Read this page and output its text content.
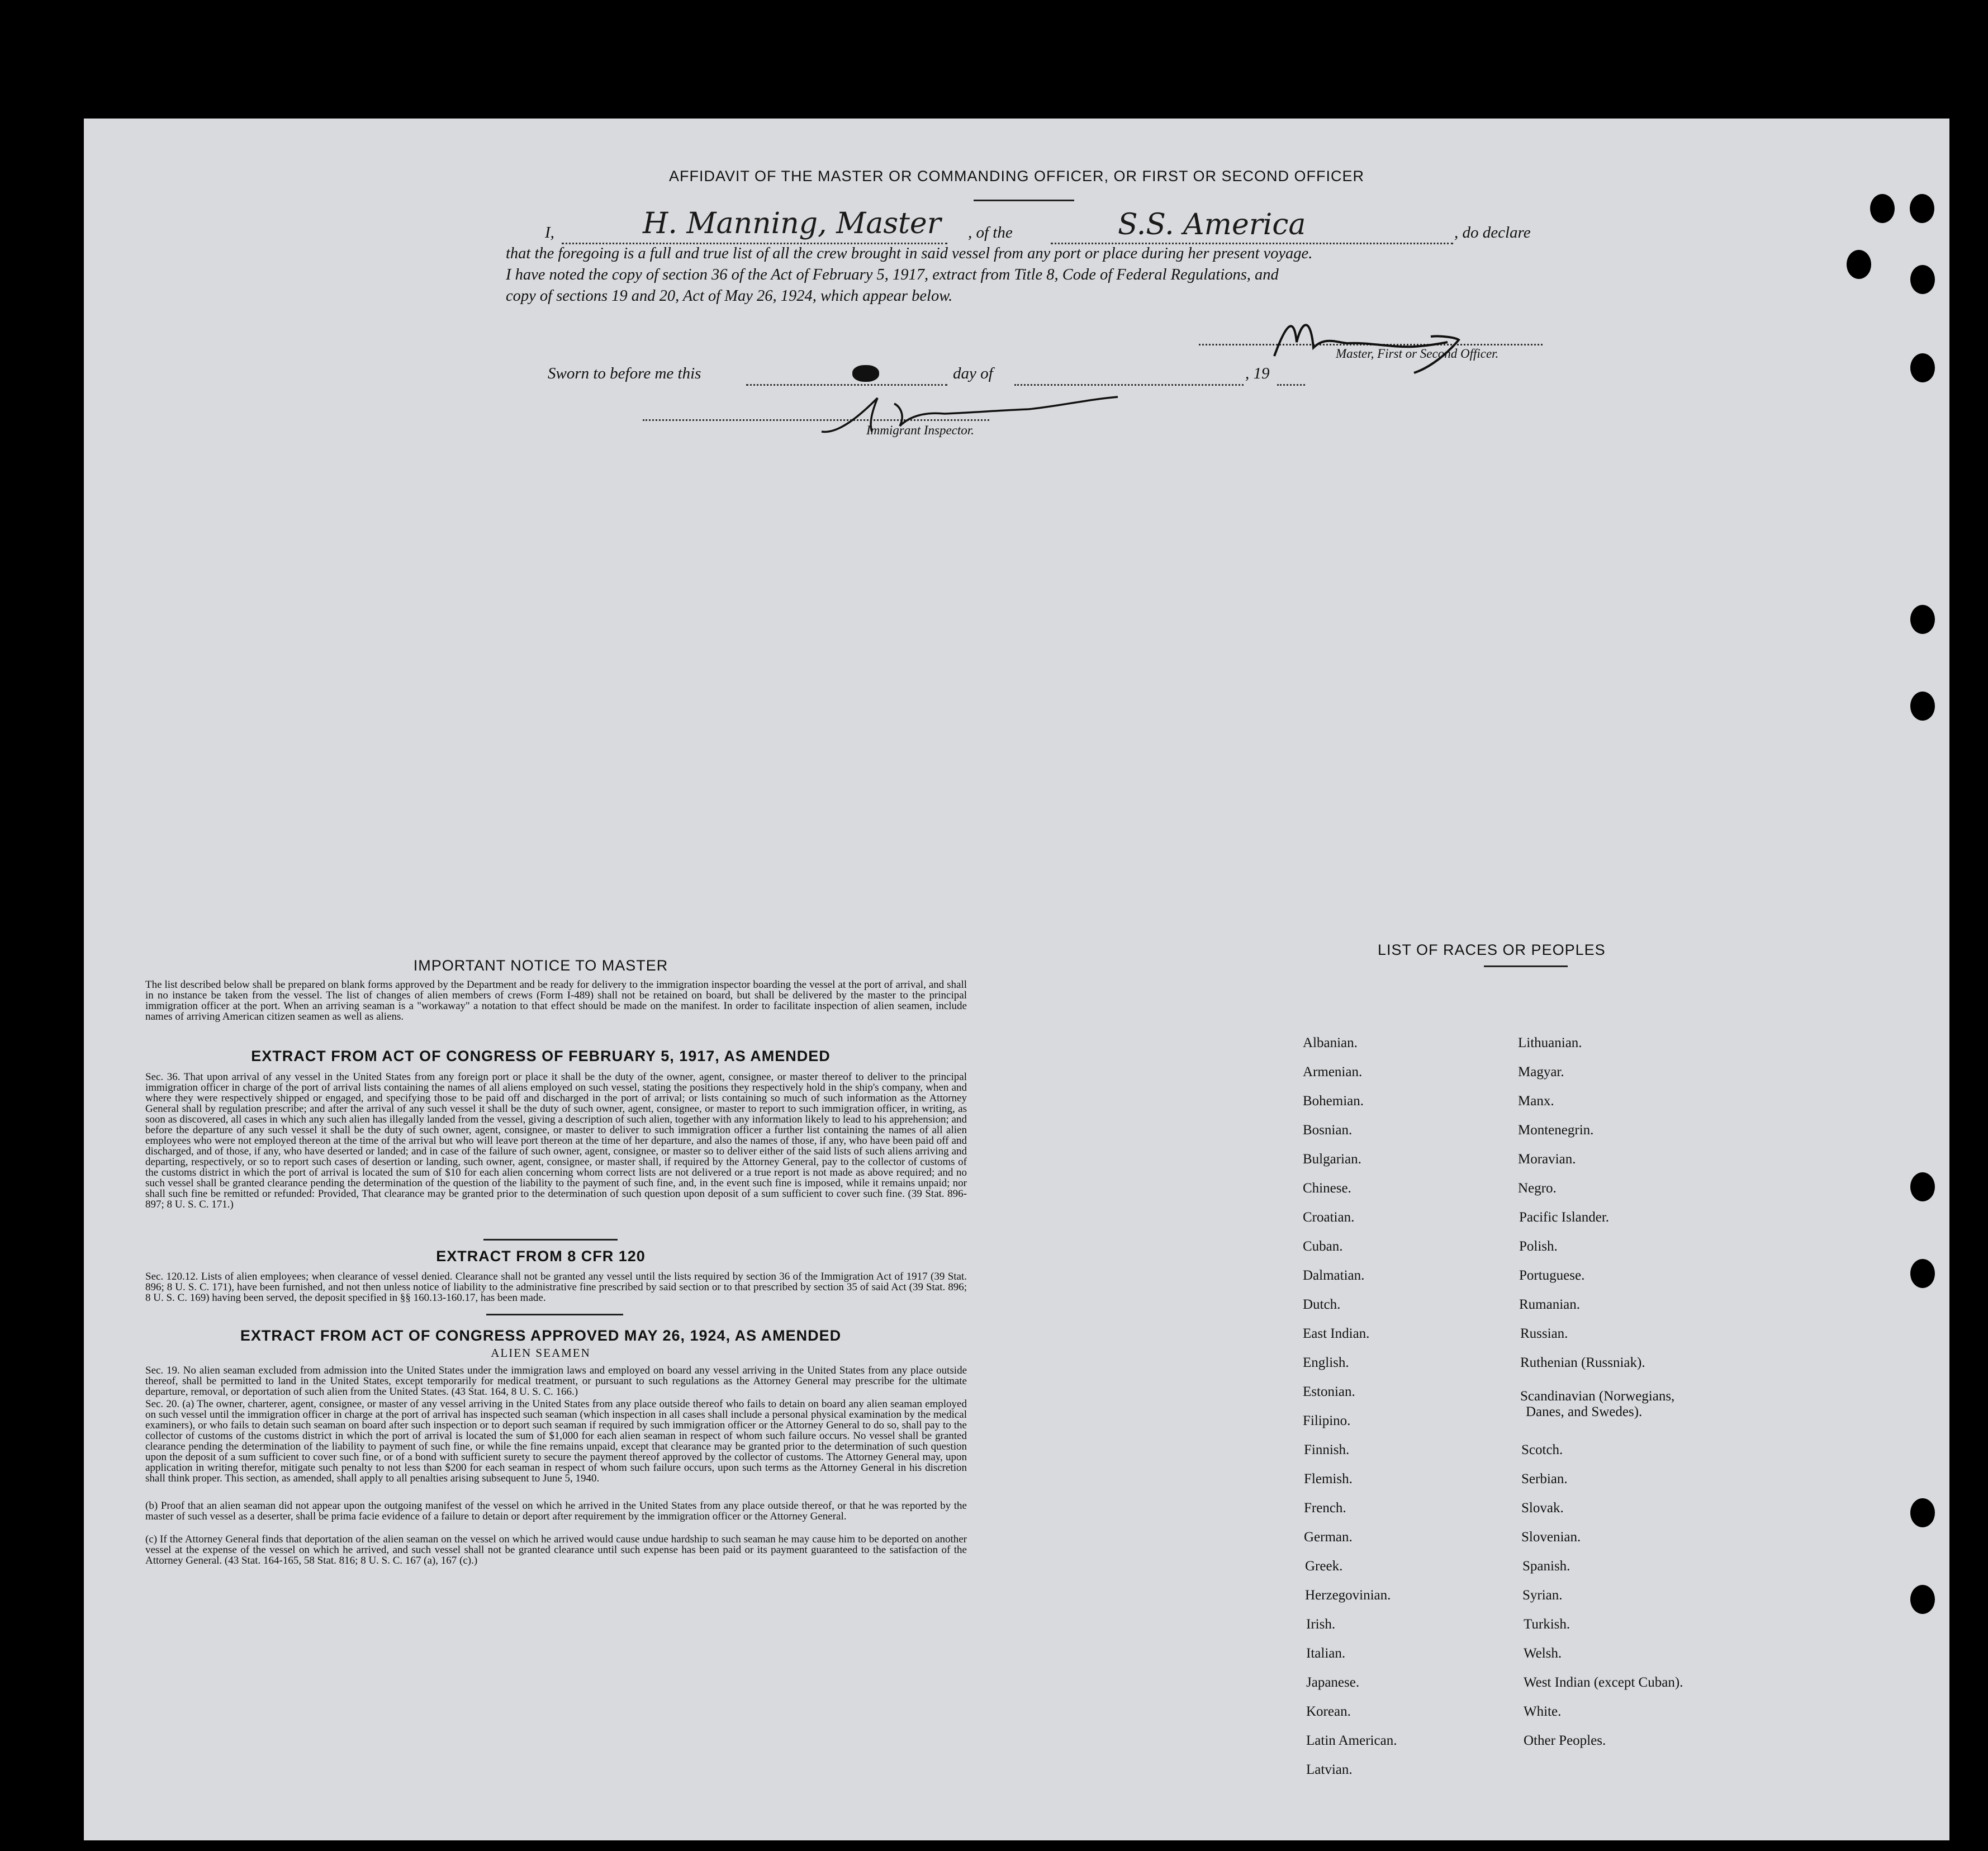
AFFIDAVIT OF THE MASTER OR COMMANDING OFFICER, OR FIRST OR SECOND OFFICER
I,	H. Manning, Master , of the	S.S. America	, do declare
that the foregoing is a full and true list of all the crew brought in said vessel from any port or place during her present voyage.
I have noted the copy of section 36 of the Act of February 5, 1917, extract from Title 8, Code of Federal Regulations, and
copy of sections 19 and 20, Act of May 26, 1924, which appear below.
Master, First or Second Officer.
Sworn to before me this	day of	, 19
Immigrant Inspector.
IMPORTANT NOTICE TO MASTER
The list described below shall be prepared on blank forms approved by the Department and be ready for delivery to the immigration inspector boarding the vessel at the port of arrival, and shall in no instance be taken from the vessel. The list of changes of alien members of crews (Form I-489) shall not be retained on board, but shall be delivered by the master to the principal immigration officer at the port. When an arriving seaman is a "workaway" a notation to that effect should be made on the manifest. In order to facilitate inspection of alien seamen, include names of arriving American citizen seamen as well as aliens.
EXTRACT FROM ACT OF CONGRESS OF FEBRUARY 5, 1917, AS AMENDED
Sec. 36. That upon arrival of any vessel in the United States from any foreign port or place it shall be the duty of the owner, agent, consignee, or master thereof to deliver to the principal immigration officer in charge of the port of arrival lists containing the names of all aliens employed on such vessel, stating the positions they respectively hold in the ship's company, when and where they were respectively shipped or engaged, and specifying those to be paid off and discharged in the port of arrival; or lists containing so much of such information as the Attorney General shall by regulation prescribe; and after the arrival of any such vessel it shall be the duty of such owner, agent, consignee, or master to report to such immigration officer, in writing, as soon as discovered, all cases in which any such alien has illegally landed from the vessel, giving a description of such alien, together with any information likely to lead to his apprehension; and before the departure of any such vessel it shall be the duty of such owner, agent, consignee, or master to deliver to such immigration officer a further list containing the names of all alien employees who were not employed thereon at the time of the arrival but who will leave port thereon at the time of her departure, and also the names of those, if any, who have been paid off and discharged, and of those, if any, who have deserted or landed; and in case of the failure of such owner, agent, consignee, or master so to deliver either of the said lists of such aliens arriving and departing, respectively, or so to report such cases of desertion or landing, such owner, agent, consignee, or master shall, if required by the Attorney General, pay to the collector of customs of the customs district in which the port of arrival is located the sum of $10 for each alien concerning whom correct lists are not delivered or a true report is not made as above required; and no such vessel shall be granted clearance pending the determination of the question of the liability to the payment of such fine, and, in the event such fine is imposed, while it remains unpaid; nor shall such fine be remitted or refunded: Provided, That clearance may be granted prior to the determination of such question upon deposit of a sum sufficient to cover such fine. (39 Stat. 896-897; 8 U. S. C. 171.)
EXTRACT FROM 8 CFR 120
Sec. 120.12. Lists of alien employees; when clearance of vessel denied. Clearance shall not be granted any vessel until the lists required by section 36 of the Immigration Act of 1917 (39 Stat. 896; 8 U. S. C. 171), have been furnished, and not then unless notice of liability to the administrative fine prescribed by said section or to that prescribed by section 35 of said Act (39 Stat. 896; 8 U. S. C. 169) having been served, the deposit specified in §§ 160.13-160.17, has been made.
EXTRACT FROM ACT OF CONGRESS APPROVED MAY 26, 1924, AS AMENDED
ALIEN SEAMEN
Sec. 19. No alien seaman excluded from admission into the United States under the immigration laws and employed on board any vessel arriving in the United States from any place outside thereof, shall be permitted to land in the United States, except temporarily for medical treatment, or pursuant to such regulations as the Attorney General may prescribe for the ultimate departure, removal, or deportation of such alien from the United States. (43 Stat. 164, 8 U. S. C. 166.)
Sec. 20. (a) The owner, charterer, agent, consignee, or master of any vessel arriving in the United States from any place outside thereof who fails to detain on board any alien seaman employed on such vessel until the immigration officer in charge at the port of arrival has inspected such seaman (which inspection in all cases shall include a personal physical examination by the medical examiners), or who fails to detain such seaman on board after such inspection or to deport such seaman if required by such immigration officer or the Attorney General to do so, shall pay to the collector of customs of the customs district in which the port of arrival is located the sum of $1,000 for each alien seaman in respect of whom such failure occurs. No vessel shall be granted clearance pending the determination of the liability to payment of such fine, or while the fine remains unpaid, except that clearance may be granted prior to the determination of such question upon the deposit of a sum sufficient to cover such fine, or of a bond with sufficient surety to secure the payment thereof approved by the collector of customs. The Attorney General may, upon application in writing therefor, mitigate such penalty to not less than $200 for each seaman in respect of whom such failure occurs, upon such terms as the Attorney General in his discretion shall think proper. This section, as amended, shall apply to all penalties arising subsequent to June 5, 1940.
(b) Proof that an alien seaman did not appear upon the outgoing manifest of the vessel on which he arrived in the United States from any place outside thereof, or that he was reported by the master of such vessel as a deserter, shall be prima facie evidence of a failure to detain or deport after requirement by the immigration officer or the Attorney General.
(c) If the Attorney General finds that deportation of the alien seaman on the vessel on which he arrived would cause undue hardship to such seaman he may cause him to be deported on another vessel at the expense of the vessel on which he arrived, and such vessel shall not be granted clearance until such expense has been paid or its payment guaranteed to the satisfaction of the Attorney General. (43 Stat. 164-165, 58 Stat. 816; 8 U. S. C. 167 (a), 167 (c).)
LIST OF RACES OR PEOPLES
Albanian.
Armenian.
Bohemian.
Bosnian.
Bulgarian.
Chinese.
Croatian.
Cuban.
Dalmatian.
Dutch.
East Indian.
English.
Estonian.
Filipino.
Finnish.
Flemish.
French.
German.
Greek.
Herzegovinian.
Irish.
Italian.
Japanese.
Korean.
Latin American.
Latvian.
Lithuanian.
Magyar.
Manx.
Montenegrin.
Moravian.
Negro.
Pacific Islander.
Polish.
Portuguese.
Rumanian.
Russian.
Ruthenian (Russniak).
Scandinavian (Norwegians,
Danes, and Swedes).
Scotch.
Serbian.
Slovak.
Slovenian.
Spanish.
Syrian.
Turkish.
Welsh.
West Indian (except Cuban).
White.
Other Peoples.
